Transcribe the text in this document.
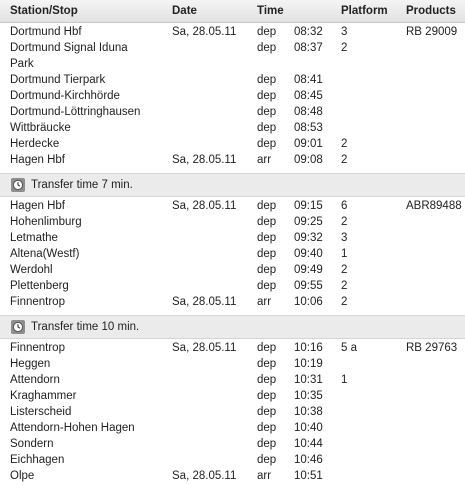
Station/Stop	Date	Time	Platform Products
Dortmund Hbf	Sa, 28.05.11 dep 08:32 3	RB 29009
Dortmund Signal Iduna	dep 08:37 2
Park
Dortmund Tierpark	dep 08:41
Dortmund-Kirchhörde	dep 08:45
Dortmund-Löttringhausen	dep 08:48
Wittbräucke	dep 08:53
Herdecke	dep 09:01 2
Hagen Hbf	Sa, 28.05.11 arr 09:08 2
Transfer time 7 min.
Hagen Hbf	Sa, 28.05.11 dep 09:15 6	ABR89488
Hohenlimburg	dep 09:25 2
Letmathe	dep 09:32 3
Altena(Westf)	dep 09:40 1
Werdohl	dep 09:49 2
Plettenberg	dep 09:55 2
Finnentrop	Sa, 28.05.11 arr 10:06 2
Transfer time 10 min.
Finnentrop	Sa, 28.05.11 dep 10:16 5 a	RB 29763
Heggen	dep 10:19
Attendorn	dep 10:31 1
Kraghammer	dep 10:35
Listerscheid	dep 10:38
Attendorn-Hohen Hagen	dep 10:40
Sondern	dep 10:44
Eichhagen	dep 10:46
Olpe	Sa, 28.05.11 arr 10:51
